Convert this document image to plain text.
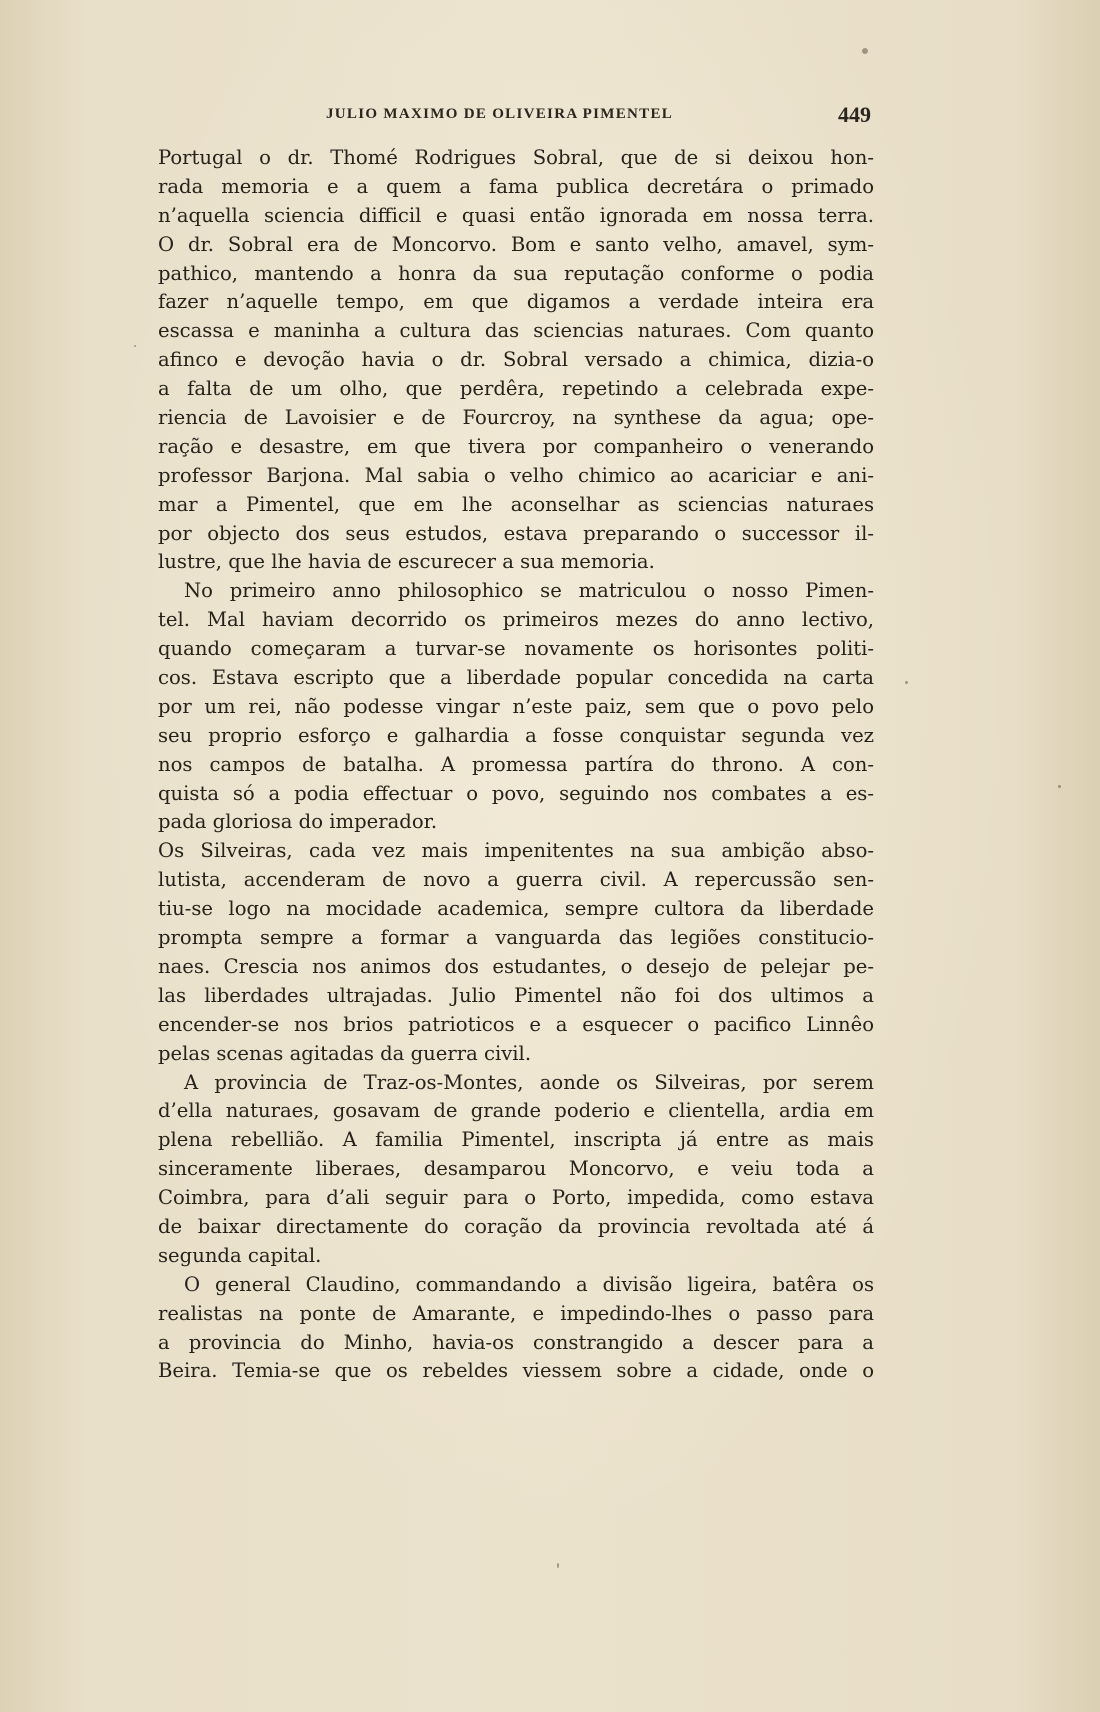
JULIO MAXIMO DE OLIVEIRA PIMENTEL	449
Portugal o dr. Thomé Rodrigues Sobral, que de si deixou hon-
rada memoria e a quem a fama publica decretára o primado
n’aquella sciencia difficil e quasi então ignorada em nossa terra.
O dr. Sobral era de Moncorvo. Bom e santo velho, amavel, sym-
pathico, mantendo a honra da sua reputação conforme o podia
fazer n’aquelle tempo, em que digamos a verdade inteira era
escassa e maninha a cultura das sciencias naturaes. Com quanto
afinco e devoção havia o dr. Sobral versado a chimica, dizia-o
a falta de um olho, que perdêra, repetindo a celebrada expe-
riencia de Lavoisier e de Fourcroy, na synthese da agua; ope-
ração e desastre, em que tivera por companheiro o venerando
professor Barjona. Mal sabia o velho chimico ao acariciar e ani-
mar a Pimentel, que em lhe aconselhar as sciencias naturaes
por objecto dos seus estudos, estava preparando o successor il-
lustre, que lhe havia de escurecer a sua memoria.
No primeiro anno philosophico se matriculou o nosso Pimen-
tel. Mal haviam decorrido os primeiros mezes do anno lectivo,
quando começaram a turvar-se novamente os horisontes politi-
cos. Estava escripto que a liberdade popular concedida na carta
por um rei, não podesse vingar n’este paiz, sem que o povo pelo
seu proprio esforço e galhardia a fosse conquistar segunda vez
nos campos de batalha. A promessa partíra do throno. A con-
quista só a podia effectuar o povo, seguindo nos combates a es-
pada gloriosa do imperador.
Os Silveiras, cada vez mais impenitentes na sua ambição abso-
lutista, accenderam de novo a guerra civil. A repercussão sen-
tiu-se logo na mocidade academica, sempre cultora da liberdade
prompta sempre a formar a vanguarda das legiões constitucio-
naes. Crescia nos animos dos estudantes, o desejo de pelejar pe-
las liberdades ultrajadas. Julio Pimentel não foi dos ultimos a
encender-se nos brios patrioticos e a esquecer o pacifico Linnêo
pelas scenas agitadas da guerra civil.
A provincia de Traz-os-Montes, aonde os Silveiras, por serem
d’ella naturaes, gosavam de grande poderio e clientella, ardia em
plena rebellião. A familia Pimentel, inscripta já entre as mais
sinceramente liberaes, desamparou Moncorvo, e veiu toda a
Coimbra, para d’ali seguir para o Porto, impedida, como estava
de baixar directamente do coração da provincia revoltada até á
segunda capital.
O general Claudino, commandando a divisão ligeira, batêra os
realistas na ponte de Amarante, e impedindo-lhes o passo para
a provincia do Minho, havia-os constrangido a descer para a
Beira. Temia-se que os rebeldes viessem sobre a cidade, onde o
